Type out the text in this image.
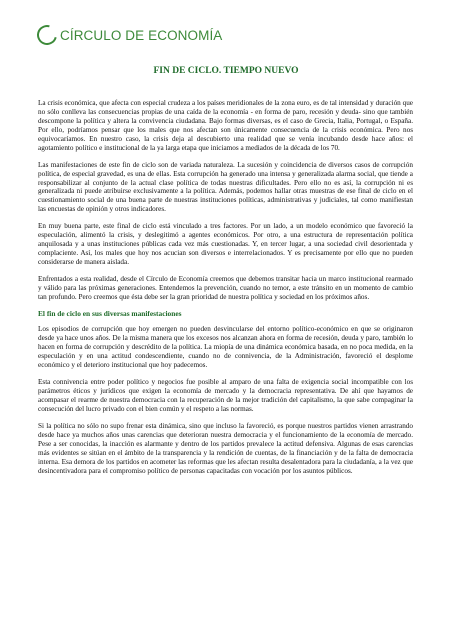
CÍRCULO DE ECONOMÍA
FIN DE CICLO. TIEMPO NUEVO

La crisis económica, que afecta con especial crudeza a los países meridionales de la zona euro, es de tal intensidad y duración que no sólo conlleva las consecuencias propias de una caída de la economía - en forma de paro, recesión y deuda- sino que también descompone la política y altera la convivencia ciudadana. Bajo formas diversas, es el caso de Grecia, Italia, Portugal, o España. Por ello, podríamos pensar que los males que nos afectan son únicamente consecuencia de la crisis económica. Pero nos equivocaríamos. En nuestro caso, la crisis deja al descubierto una realidad que se venía incubando desde hace años: el agotamiento político e institucional de la ya larga etapa que iniciamos a mediados de la década de los 70.

Las manifestaciones de este fin de ciclo son de variada naturaleza. La sucesión y coincidencia de diversos casos de corrupción política, de especial gravedad, es una de ellas. Esta corrupción ha generado una intensa y generalizada alarma social, que tiende a responsabilizar al conjunto de la actual clase política de todas nuestras dificultades. Pero ello no es así, la corrupción ni es generalizada ni puede atribuirse exclusivamente a la política. Además, podemos hallar otras muestras de ese final de ciclo en el cuestionamiento social de una buena parte de nuestras instituciones políticas, administrativas y judiciales, tal como manifiestan las encuestas de opinión y otros indicadores.

En muy buena parte, este final de ciclo está vinculado a tres factores. Por un lado, a un modelo económico que favoreció la especulación, alimentó la crisis, y deslegitimó a agentes económicos. Por otro, a una estructura de representación política anquilosada y a unas instituciones públicas cada vez más cuestionadas. Y, en tercer lugar, a una sociedad civil desorientada y complaciente. Así, los males que hoy nos acucian son diversos e interrelacionados. Y es precisamente por ello que no pueden considerarse de manera aislada.

Enfrentados a esta realidad, desde el Círculo de Economía creemos que debemos transitar hacia un marco institucional rearmado y válido para las próximas generaciones. Entendemos la prevención, cuando no temor, a este tránsito en un momento de cambio tan profundo. Pero creemos que ésta debe ser la gran prioridad de nuestra política y sociedad en los próximos años.

El fin de ciclo en sus diversas manifestaciones

Los episodios de corrupción que hoy emergen no pueden desvincularse del entorno político-económico en que se originaron desde ya hace unos años. De la misma manera que los excesos nos alcanzan ahora en forma de recesión, deuda y paro, también lo hacen en forma de corrupción y descrédito de la política. La miopía de una dinámica económica basada, en no poca medida, en la especulación y en una actitud condescendiente, cuando no de connivencia, de la Administración, favoreció el desplome económico y el deterioro institucional que hoy padecemos.

Esta connivencia entre poder político y negocios fue posible al amparo de una falta de exigencia social incompatible con los parámetros éticos y jurídicos que exigen la economía de mercado y la democracia representativa. De ahí que hayamos de acompasar el rearme de nuestra democracia con la recuperación de la mejor tradición del capitalismo, la que sabe compaginar la consecución del lucro privado con el bien común y el respeto a las normas.

Si la política no sólo no supo frenar esta dinámica, sino que incluso la favoreció, es porque nuestros partidos vienen arrastrando desde hace ya muchos años unas carencias que deterioran nuestra democracia y el funcionamiento de la economía de mercado. Pese a ser conocidas, la inacción es alarmante y dentro de los partidos prevalece la actitud defensiva. Algunas de esas carencias más evidentes se sitúan en el ámbito de la transparencia y la rendición de cuentas, de la financiación y de la falta de democracia interna. Esa demora de los partidos en acometer las reformas que les afectan resulta desalentadora para la ciudadanía, a la vez que desincentivadora para el compromiso político de personas capacitadas con vocación por los asuntos públicos.
